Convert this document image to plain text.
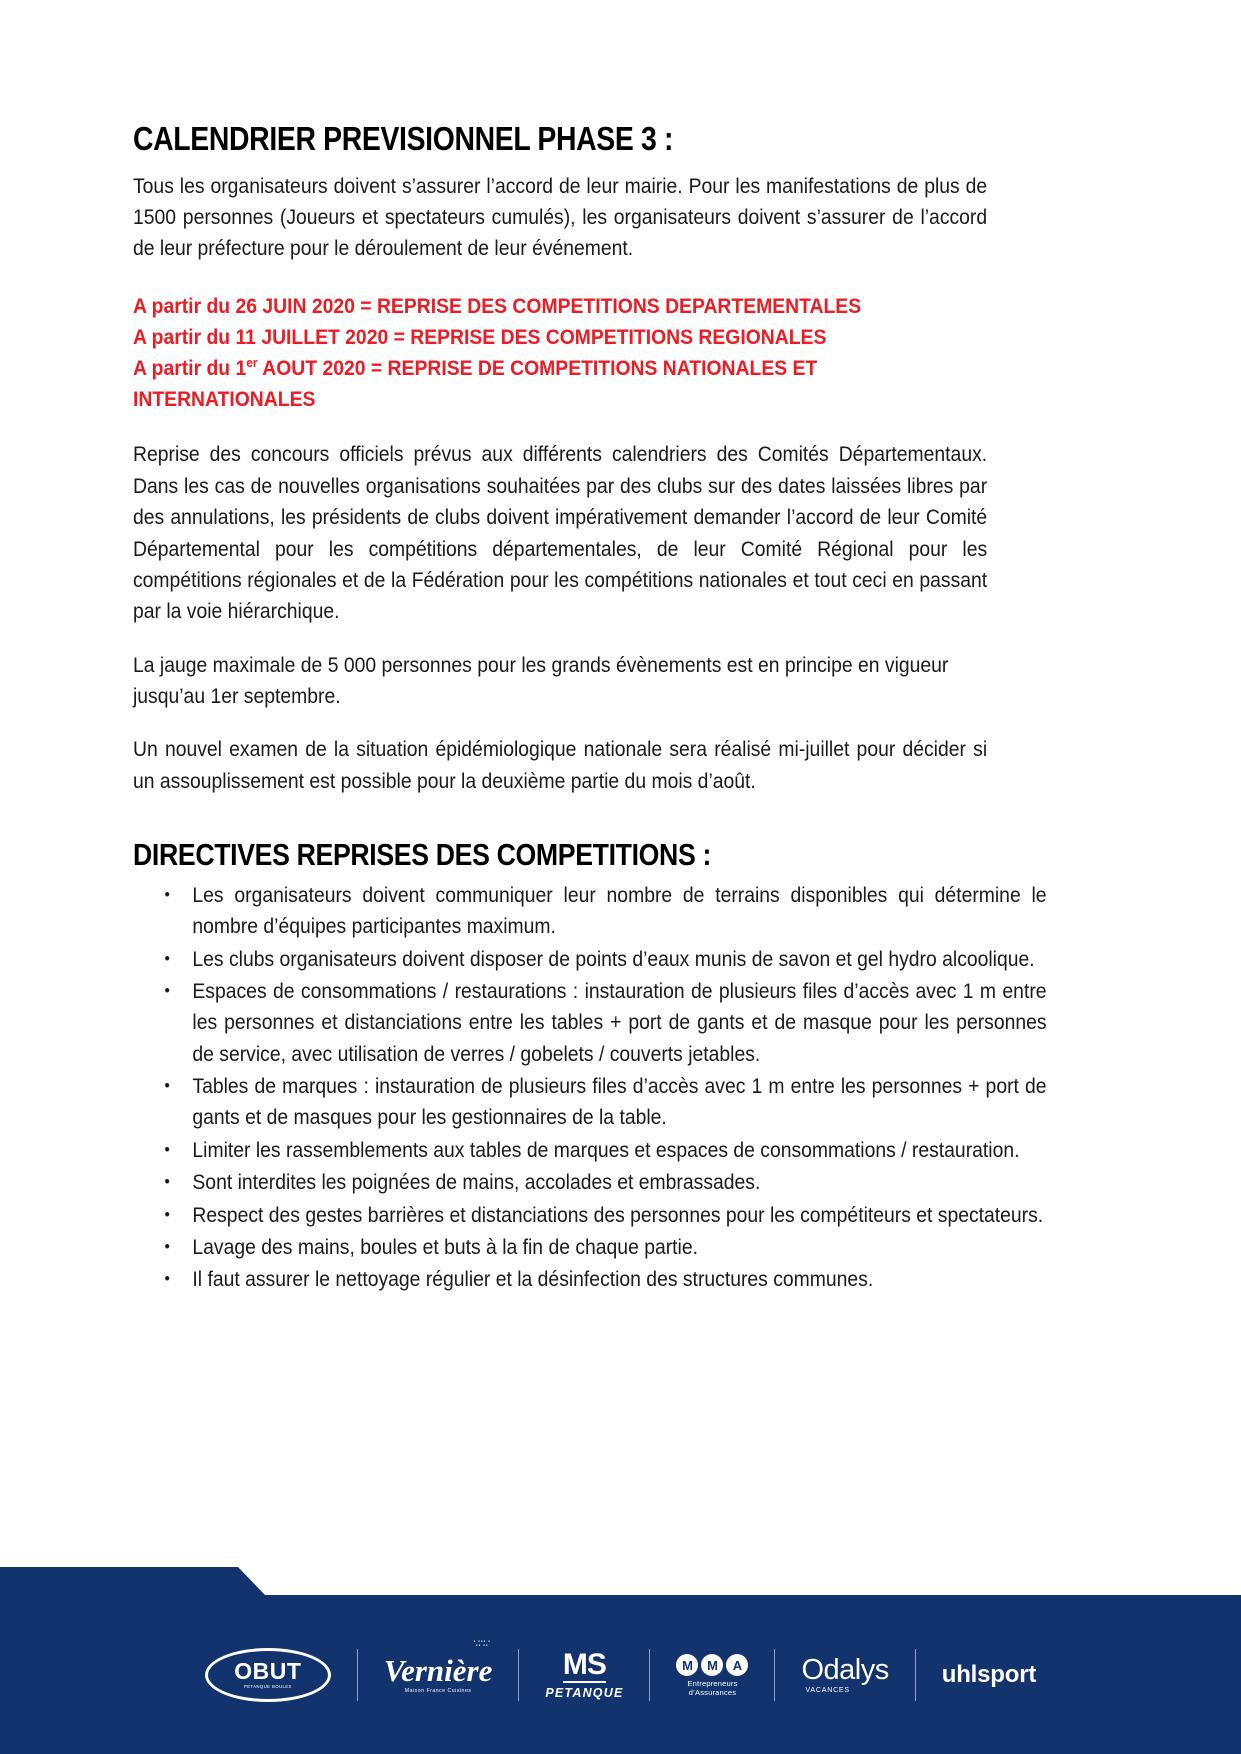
CALENDRIER PREVISIONNEL PHASE 3 :

Tous les organisateurs doivent s’assurer l’accord de leur mairie. Pour les manifestations de plus de 1500 personnes (Joueurs et spectateurs cumulés), les organisateurs doivent s’assurer de l’accord de leur préfecture pour le déroulement de leur événement.

A partir du 26 JUIN 2020 = REPRISE DES COMPETITIONS DEPARTEMENTALES

A partir du 11 JUILLET 2020 = REPRISE DES COMPETITIONS REGIONALES

A partir du 1er AOUT 2020 = REPRISE DE COMPETITIONS NATIONALES ET INTERNATIONALES

Reprise des concours officiels prévus aux différents calendriers des Comités Départementaux. Dans les cas de nouvelles organisations souhaitées par des clubs sur des dates laissées libres par des annulations, les présidents de clubs doivent impérativement demander l’accord de leur Comité Départemental pour les compétitions départementales, de leur Comité Régional pour les compétitions régionales et de la Fédération pour les compétitions nationales et tout ceci en passant par la voie hiérarchique.

La jauge maximale de 5 000 personnes pour les grands évènements est en principe en vigueur jusqu’au 1er septembre.

Un nouvel examen de la situation épidémiologique nationale sera réalisé mi-juillet pour décider si un assouplissement est possible pour la deuxième partie du mois d’août.

DIRECTIVES REPRISES DES COMPETITIONS :
• Les organisateurs doivent communiquer leur nombre de terrains disponibles qui détermine le nombre d’équipes participantes maximum.
• Les clubs organisateurs doivent disposer de points d’eaux munis de savon et gel hydro alcoolique.
• Espaces de consommations / restaurations : instauration de plusieurs files d’accès avec 1 m entre les personnes et distanciations entre les tables + port de gants et de masque pour les personnes de service, avec utilisation de verres / gobelets / couverts jetables.
• Tables de marques : instauration de plusieurs files d’accès avec 1 m entre les personnes + port de gants et de masques pour les gestionnaires de la table.
• Limiter les rassemblements aux tables de marques et espaces de consommations / restauration.
• Sont interdites les poignées de mains, accolades et embrassades.
• Respect des gestes barrières et distanciations des personnes pour les compétiteurs et spectateurs.
• Lavage des mains, boules et buts à la fin de chaque partie.
• Il faut assurer le nettoyage régulier et la désinfection des structures communes.
OBUT
PETANQUE BOULES
∵∴∵
Vernière
Maison France Cuisines
MS
PETANQUE
M	M	A
Entrepreneurs
d’Assurances
Odalys
VACANCES
uhlsport
